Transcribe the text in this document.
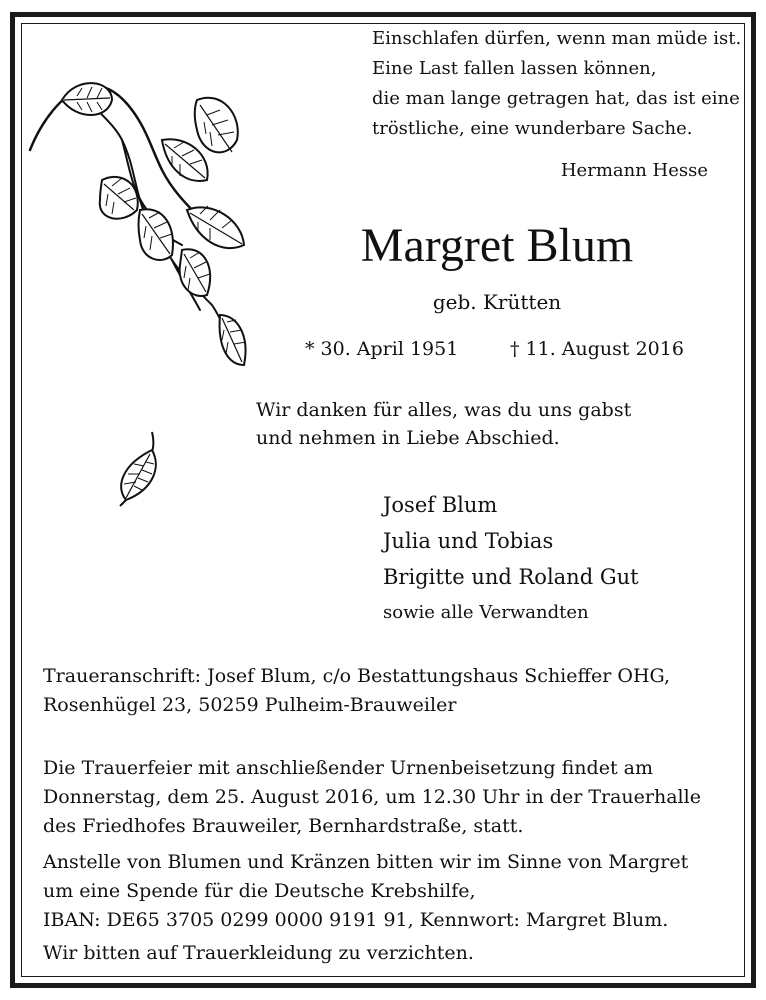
Einschlafen dürfen, wenn man müde ist.
Eine Last fallen lassen können,
die man lange getragen hat, das ist eine
tröstliche, eine wunderbare Sache.
Hermann Hesse
Margret Blum
geb. Krütten
* 30. April 1951	† 11. August 2016
Wir danken für alles, was du uns gabst
und nehmen in Liebe Abschied.
Josef Blum
Julia und Tobias
Brigitte und Roland Gut
sowie alle Verwandten
Traueranschrift: Josef Blum, c/o Bestattungshaus Schieffer OHG,
Rosenhügel 23, 50259 Pulheim-Brauweiler
Die Trauerfeier mit anschließender Urnenbeisetzung findet am
Donnerstag, dem 25. August 2016, um 12.30 Uhr in der Trauerhalle
des Friedhofes Brauweiler, Bernhardstraße, statt.
Anstelle von Blumen und Kränzen bitten wir im Sinne von Margret
um eine Spende für die Deutsche Krebshilfe,
IBAN: DE65 3705 0299 0000 9191 91, Kennwort: Margret Blum.
Wir bitten auf Trauerkleidung zu verzichten.
